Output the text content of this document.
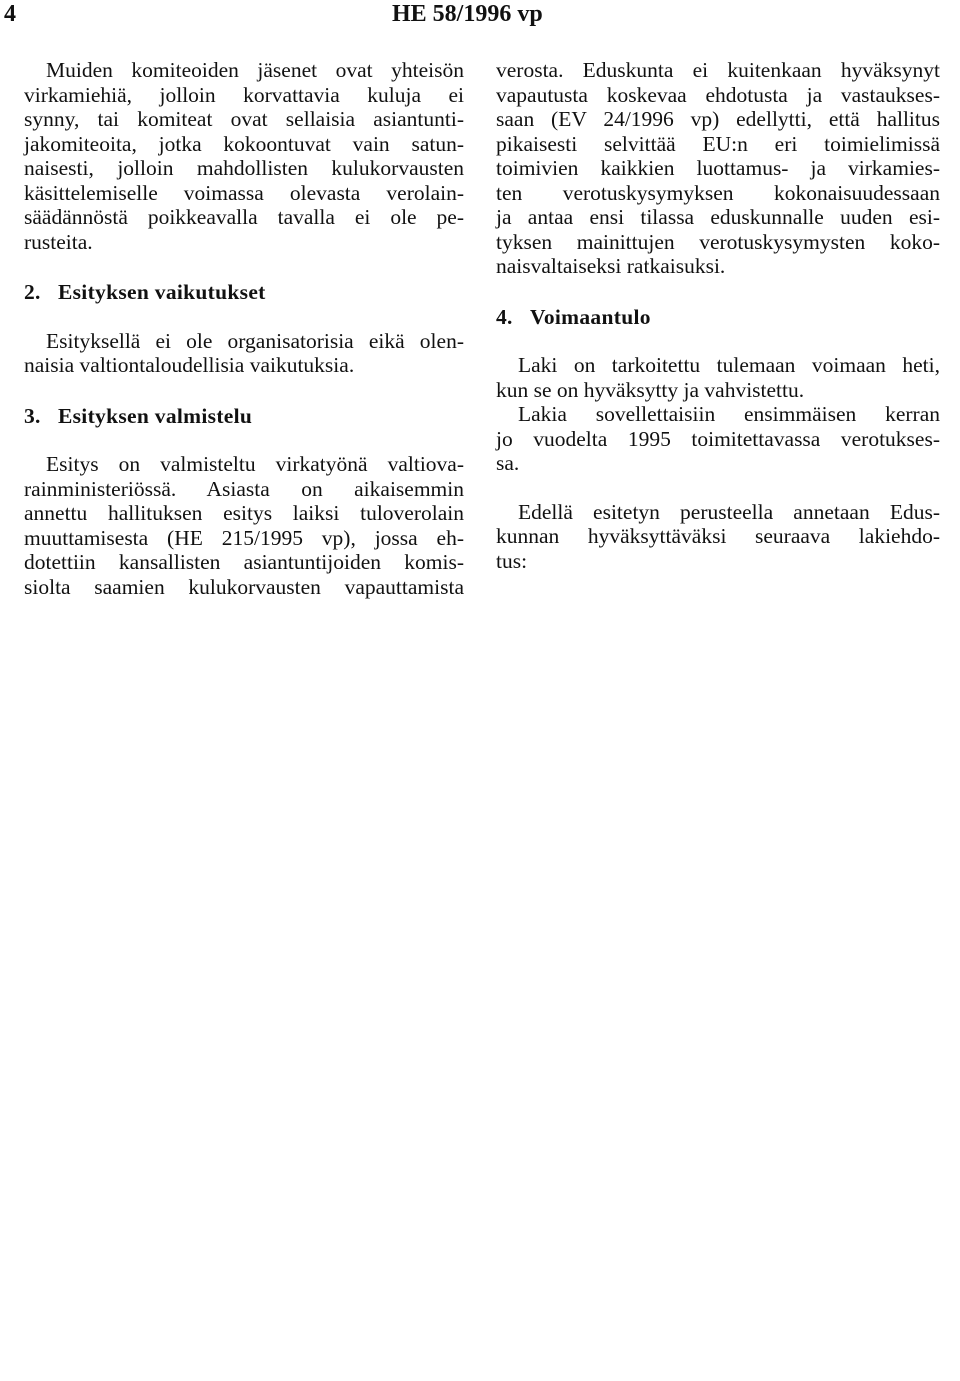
4	HE 58/1996 vp
Muiden komiteoiden jäsenet ovat yhteisön
virkamiehiä, jolloin korvattavia kuluja ei
synny, tai komiteat ovat sellaisia asiantunti-
jakomiteoita, jotka kokoontuvat vain satun-
naisesti, jolloin mahdollisten kulukorvausten
käsittelemiselle voimassa olevasta verolain-
säädännöstä poikkeavalla tavalla ei ole pe-
rusteita.
2. Esityksen vaikutukset
Esityksellä ei ole organisatorisia eikä olen-
naisia valtiontaloudellisia vaikutuksia.
3. Esityksen valmistelu
Esitys on valmisteltu virkatyönä valtiova-
rainministeriössä. Asiasta on aikaisemmin
annettu hallituksen esitys laiksi tuloverolain
muuttamisesta (HE 215/1995 vp), jossa eh-
dotettiin kansallisten asiantuntijoiden komis-
siolta saamien kulukorvausten vapauttamista
verosta. Eduskunta ei kuitenkaan hyväksynyt
vapautusta koskevaa ehdotusta ja vastaukses-
saan (EV 24/1996 vp) edellytti, että hallitus
pikaisesti selvittää EU:n eri toimielimissä
toimivien kaikkien luottamus- ja virkamies-
ten verotuskysymyksen kokonaisuudessaan
ja antaa ensi tilassa eduskunnalle uuden esi-
tyksen mainittujen verotuskysymysten koko-
naisvaltaiseksi ratkaisuksi.
4. Voimaantulo
Laki on tarkoitettu tulemaan voimaan heti,
kun se on hyväksytty ja vahvistettu.
Lakia sovellettaisiin ensimmäisen kerran
jo vuodelta 1995 toimitettavassa verotukses-
sa.
Edellä esitetyn perusteella annetaan Edus-
kunnan hyväksyttäväksi seuraava lakiehdo-
tus:
